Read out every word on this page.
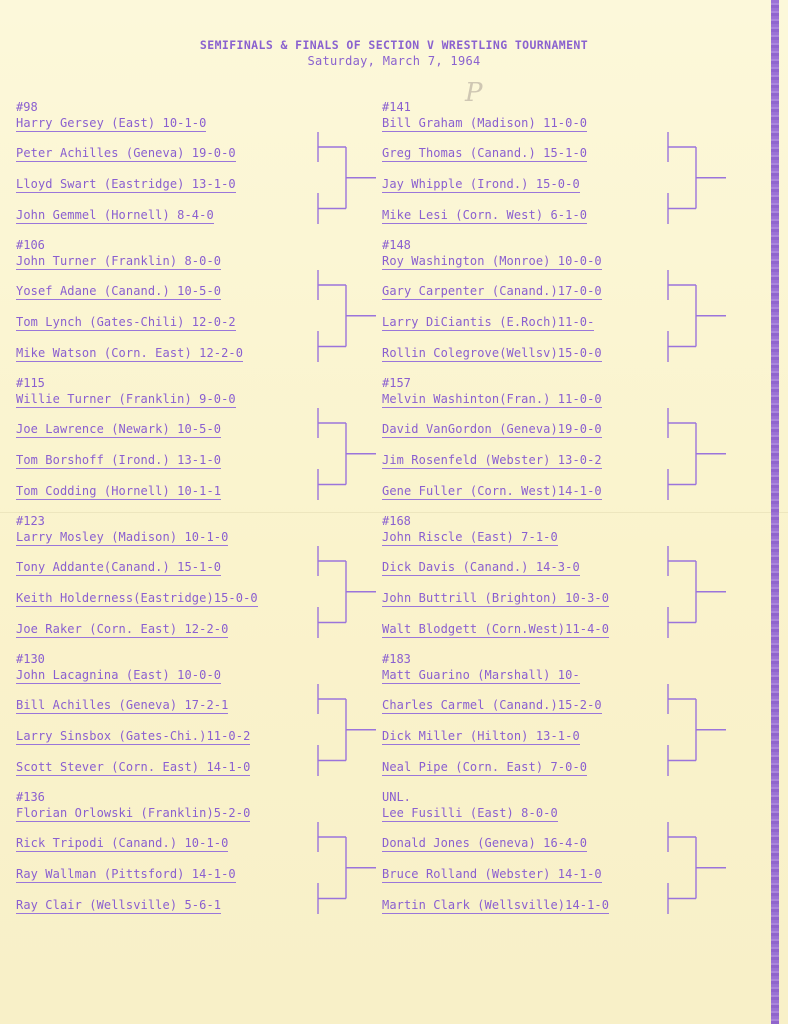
SEMIFINALS & FINALS OF SECTION V WRESTLING TOURNAMENT
Saturday, March 7, 1964
P
#98
Harry Gersey (East) 10-1-0
Peter Achilles (Geneva) 19-0-0
Lloyd Swart (Eastridge) 13-1-0
John Gemmel (Hornell) 8-4-0
#106
John Turner (Franklin) 8-0-0
Yosef Adane (Canand.) 10-5-0
Tom Lynch (Gates-Chili) 12-0-2
Mike Watson (Corn. East) 12-2-0
#115
Willie Turner (Franklin) 9-0-0
Joe Lawrence (Newark) 10-5-0
Tom Borshoff (Irond.) 13-1-0
Tom Codding (Hornell) 10-1-1
#123
Larry Mosley (Madison) 10-1-0
Tony Addante(Canand.) 15-1-0
Keith Holderness(Eastridge)15-0-0
Joe Raker (Corn. East) 12-2-0
#130
John Lacagnina (East) 10-0-0
Bill Achilles (Geneva) 17-2-1
Larry Sinsbox (Gates-Chi.)11-0-2
Scott Stever (Corn. East) 14-1-0
#136
Florian Orlowski (Franklin)5-2-0
Rick Tripodi (Canand.) 10-1-0
Ray Wallman (Pittsford) 14-1-0
Ray Clair (Wellsville) 5-6-1
#141
Bill Graham (Madison) 11-0-0
Greg Thomas (Canand.) 15-1-0
Jay Whipple (Irond.) 15-0-0
Mike Lesi (Corn. West) 6-1-0
#148
Roy Washington (Monroe) 10-0-0
Gary Carpenter (Canand.)17-0-0
Larry DiCiantis (E.Roch)11-0-
Rollin Colegrove(Wellsv)15-0-0
#157
Melvin Washinton(Fran.) 11-0-0
David VanGordon (Geneva)19-0-0
Jim Rosenfeld (Webster) 13-0-2
Gene Fuller (Corn. West)14-1-0
#168
John Riscle (East) 7-1-0
Dick Davis (Canand.) 14-3-0
John Buttrill (Brighton) 10-3-0
Walt Blodgett (Corn.West)11-4-0
#183
Matt Guarino (Marshall) 10-
Charles Carmel (Canand.)15-2-0
Dick Miller (Hilton) 13-1-0
Neal Pipe (Corn. East) 7-0-0
UNL.
Lee Fusilli (East) 8-0-0
Donald Jones (Geneva) 16-4-0
Bruce Rolland (Webster) 14-1-0
Martin Clark (Wellsville)14-1-0
